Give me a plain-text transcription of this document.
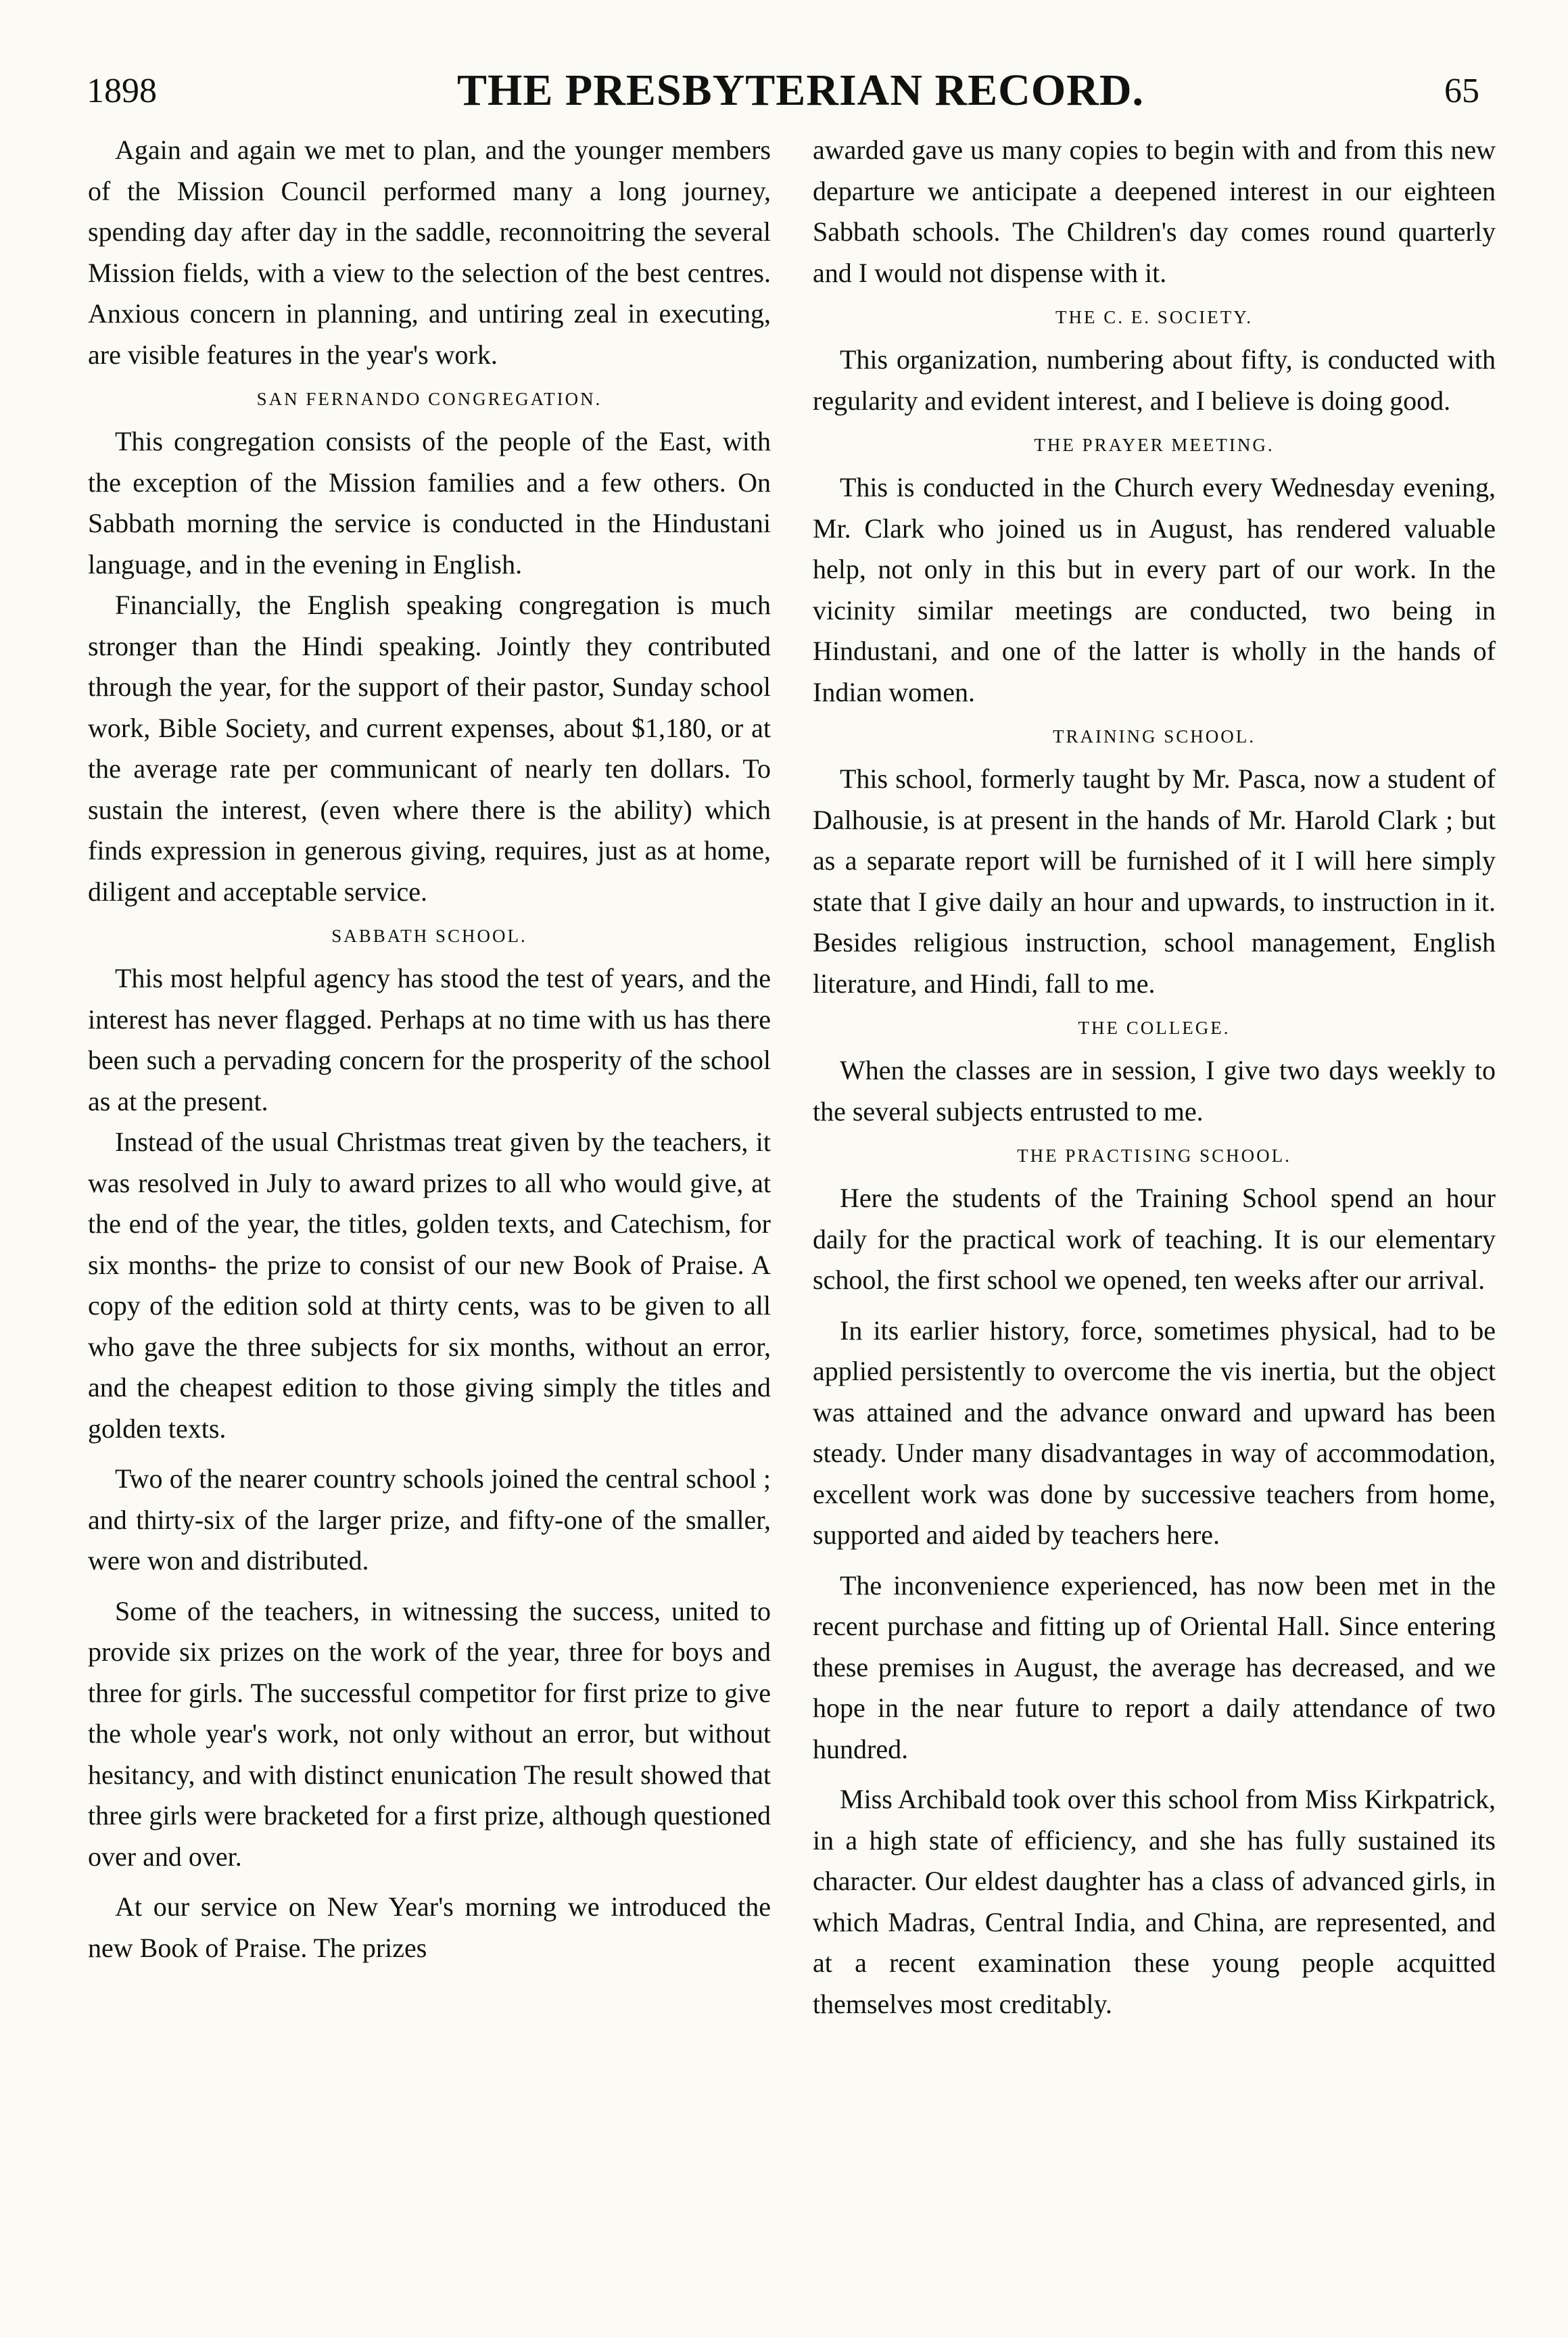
1898	THE PRESBYTERIAN RECORD.	65

Again and again we met to plan, and the younger members of the Mission Council performed many a long journey, spending day after day in the saddle, reconnoitring the several Mission fields, with a view to the selection of the best centres. Anxious concern in planning, and untiring zeal in executing, are visible features in the year's work.

SAN FERNANDO CONGREGATION.

This congregation consists of the people of the East, with the exception of the Mission families and a few others. On Sabbath morning the service is conducted in the Hindustani language, and in the evening in English.

Financially, the English speaking congregation is much stronger than the Hindi speaking. Jointly they contributed through the year, for the support of their pastor, Sunday school work, Bible Society, and current expenses, about $1,180, or at the average rate per communicant of nearly ten dollars. To sustain the interest, (even where there is the ability) which finds expression in generous giving, requires, just as at home, diligent and acceptable service.

SABBATH SCHOOL.

This most helpful agency has stood the test of years, and the interest has never flagged. Perhaps at no time with us has there been such a pervading concern for the prosperity of the school as at the present.

Instead of the usual Christmas treat given by the teachers, it was resolved in July to award prizes to all who would give, at the end of the year, the titles, golden texts, and Catechism, for six months- the prize to consist of our new Book of Praise. A copy of the edition sold at thirty cents, was to be given to all who gave the three subjects for six months, without an error, and the cheapest edition to those giving simply the titles and golden texts.

Two of the nearer country schools joined the central school ; and thirty-six of the larger prize, and fifty-one of the smaller, were won and distributed.

Some of the teachers, in witnessing the success, united to provide six prizes on the work of the year, three for boys and three for girls. The successful competitor for first prize to give the whole year's work, not only without an error, but without hesitancy, and with distinct enunication The result showed that three girls were bracketed for a first prize, although questioned over and over.

At our service on New Year's morning we introduced the new Book of Praise. The prizes

awarded gave us many copies to begin with and from this new departure we anticipate a deepened interest in our eighteen Sabbath schools. The Children's day comes round quarterly and I would not dispense with it.

THE C. E. SOCIETY.

This organization, numbering about fifty, is conducted with regularity and evident interest, and I believe is doing good.

THE PRAYER MEETING.

This is conducted in the Church every Wednesday evening, Mr. Clark who joined us in August, has rendered valuable help, not only in this but in every part of our work. In the vicinity similar meetings are conducted, two being in Hindustani, and one of the latter is wholly in the hands of Indian women.

TRAINING SCHOOL.

This school, formerly taught by Mr. Pasca, now a student of Dalhousie, is at present in the hands of Mr. Harold Clark ; but as a separate report will be furnished of it I will here simply state that I give daily an hour and upwards, to instruction in it. Besides religious instruction, school management, English literature, and Hindi, fall to me.

THE COLLEGE.

When the classes are in session, I give two days weekly to the several subjects entrusted to me.

THE PRACTISING SCHOOL.

Here the students of the Training School spend an hour daily for the practical work of teaching. It is our elementary school, the first school we opened, ten weeks after our arrival.

In its earlier history, force, sometimes physical, had to be applied persistently to overcome the vis inertia, but the object was attained and the advance onward and upward has been steady. Under many disadvantages in way of accommodation, excellent work was done by successive teachers from home, supported and aided by teachers here.

The inconvenience experienced, has now been met in the recent purchase and fitting up of Oriental Hall. Since entering these premises in August, the average has decreased, and we hope in the near future to report a daily attendance of two hundred.

Miss Archibald took over this school from Miss Kirkpatrick, in a high state of efficiency, and she has fully sustained its character. Our eldest daughter has a class of advanced girls, in which Madras, Central India, and China, are represented, and at a recent examination these young people acquitted themselves most creditably.
